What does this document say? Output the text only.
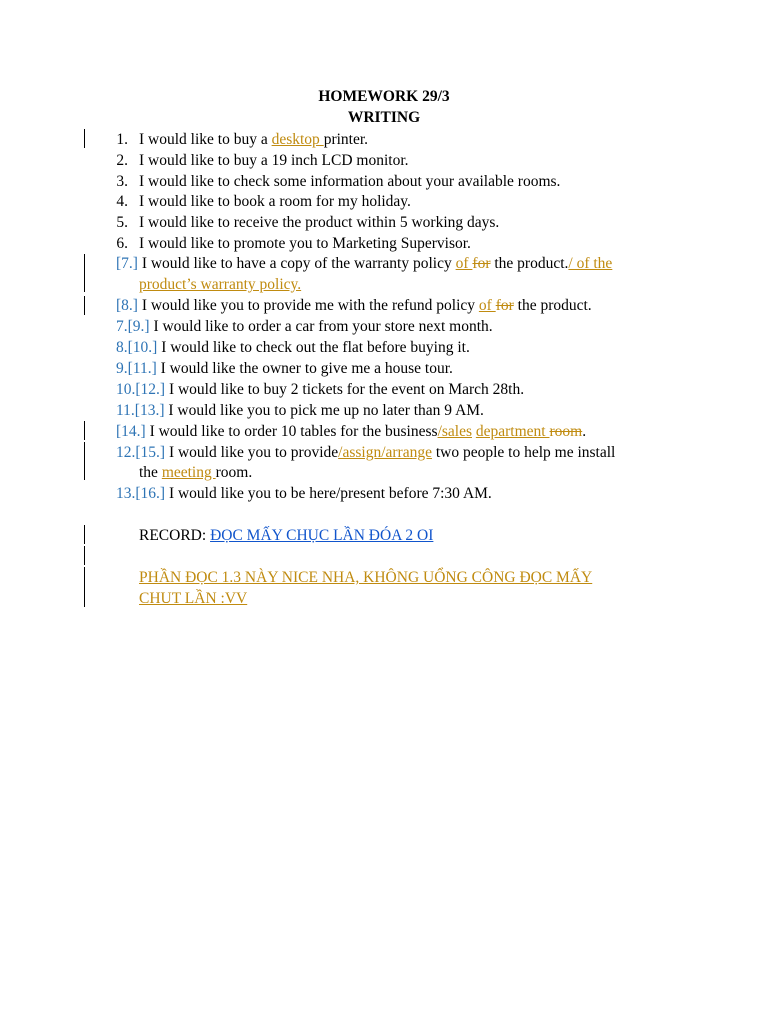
HOMEWORK 29/3
WRITING
1. I would like to buy a desktop printer.
2. I would like to buy a 19 inch LCD monitor.
3. I would like to check some information about your available rooms.
4. I would like to book a room for my holiday.
5. I would like to receive the product within 5 working days.
6. I would like to promote you to Marketing Supervisor.
[7.] I would like to have a copy of the warranty policy of for the product./ of the
product’s warranty policy.
[8.] I would like you to provide me with the refund policy of for the product.
7.[9.] I would like to order a car from your store next month.
8.[10.] I would like to check out the flat before buying it.
9.[11.] I would like the owner to give me a house tour.
10.[12.] I would like to buy 2 tickets for the event on March 28th.
11.[13.] I would like you to pick me up no later than 9 AM.
[14.] I would like to order 10 tables for the business/sales department room.
12.[15.] I would like you to provide/assign/arrange two people to help me install
the meeting room.
13.[16.] I would like you to be here/present before 7:30 AM.
RECORD: ĐỌC MẤY CHỤC LẦN ĐÓA 2 OI
PHẦN ĐỌC 1.3 NÀY NICE NHA, KHÔNG UỔNG CÔNG ĐỌC MẤY
CHUT LẦN :VV
